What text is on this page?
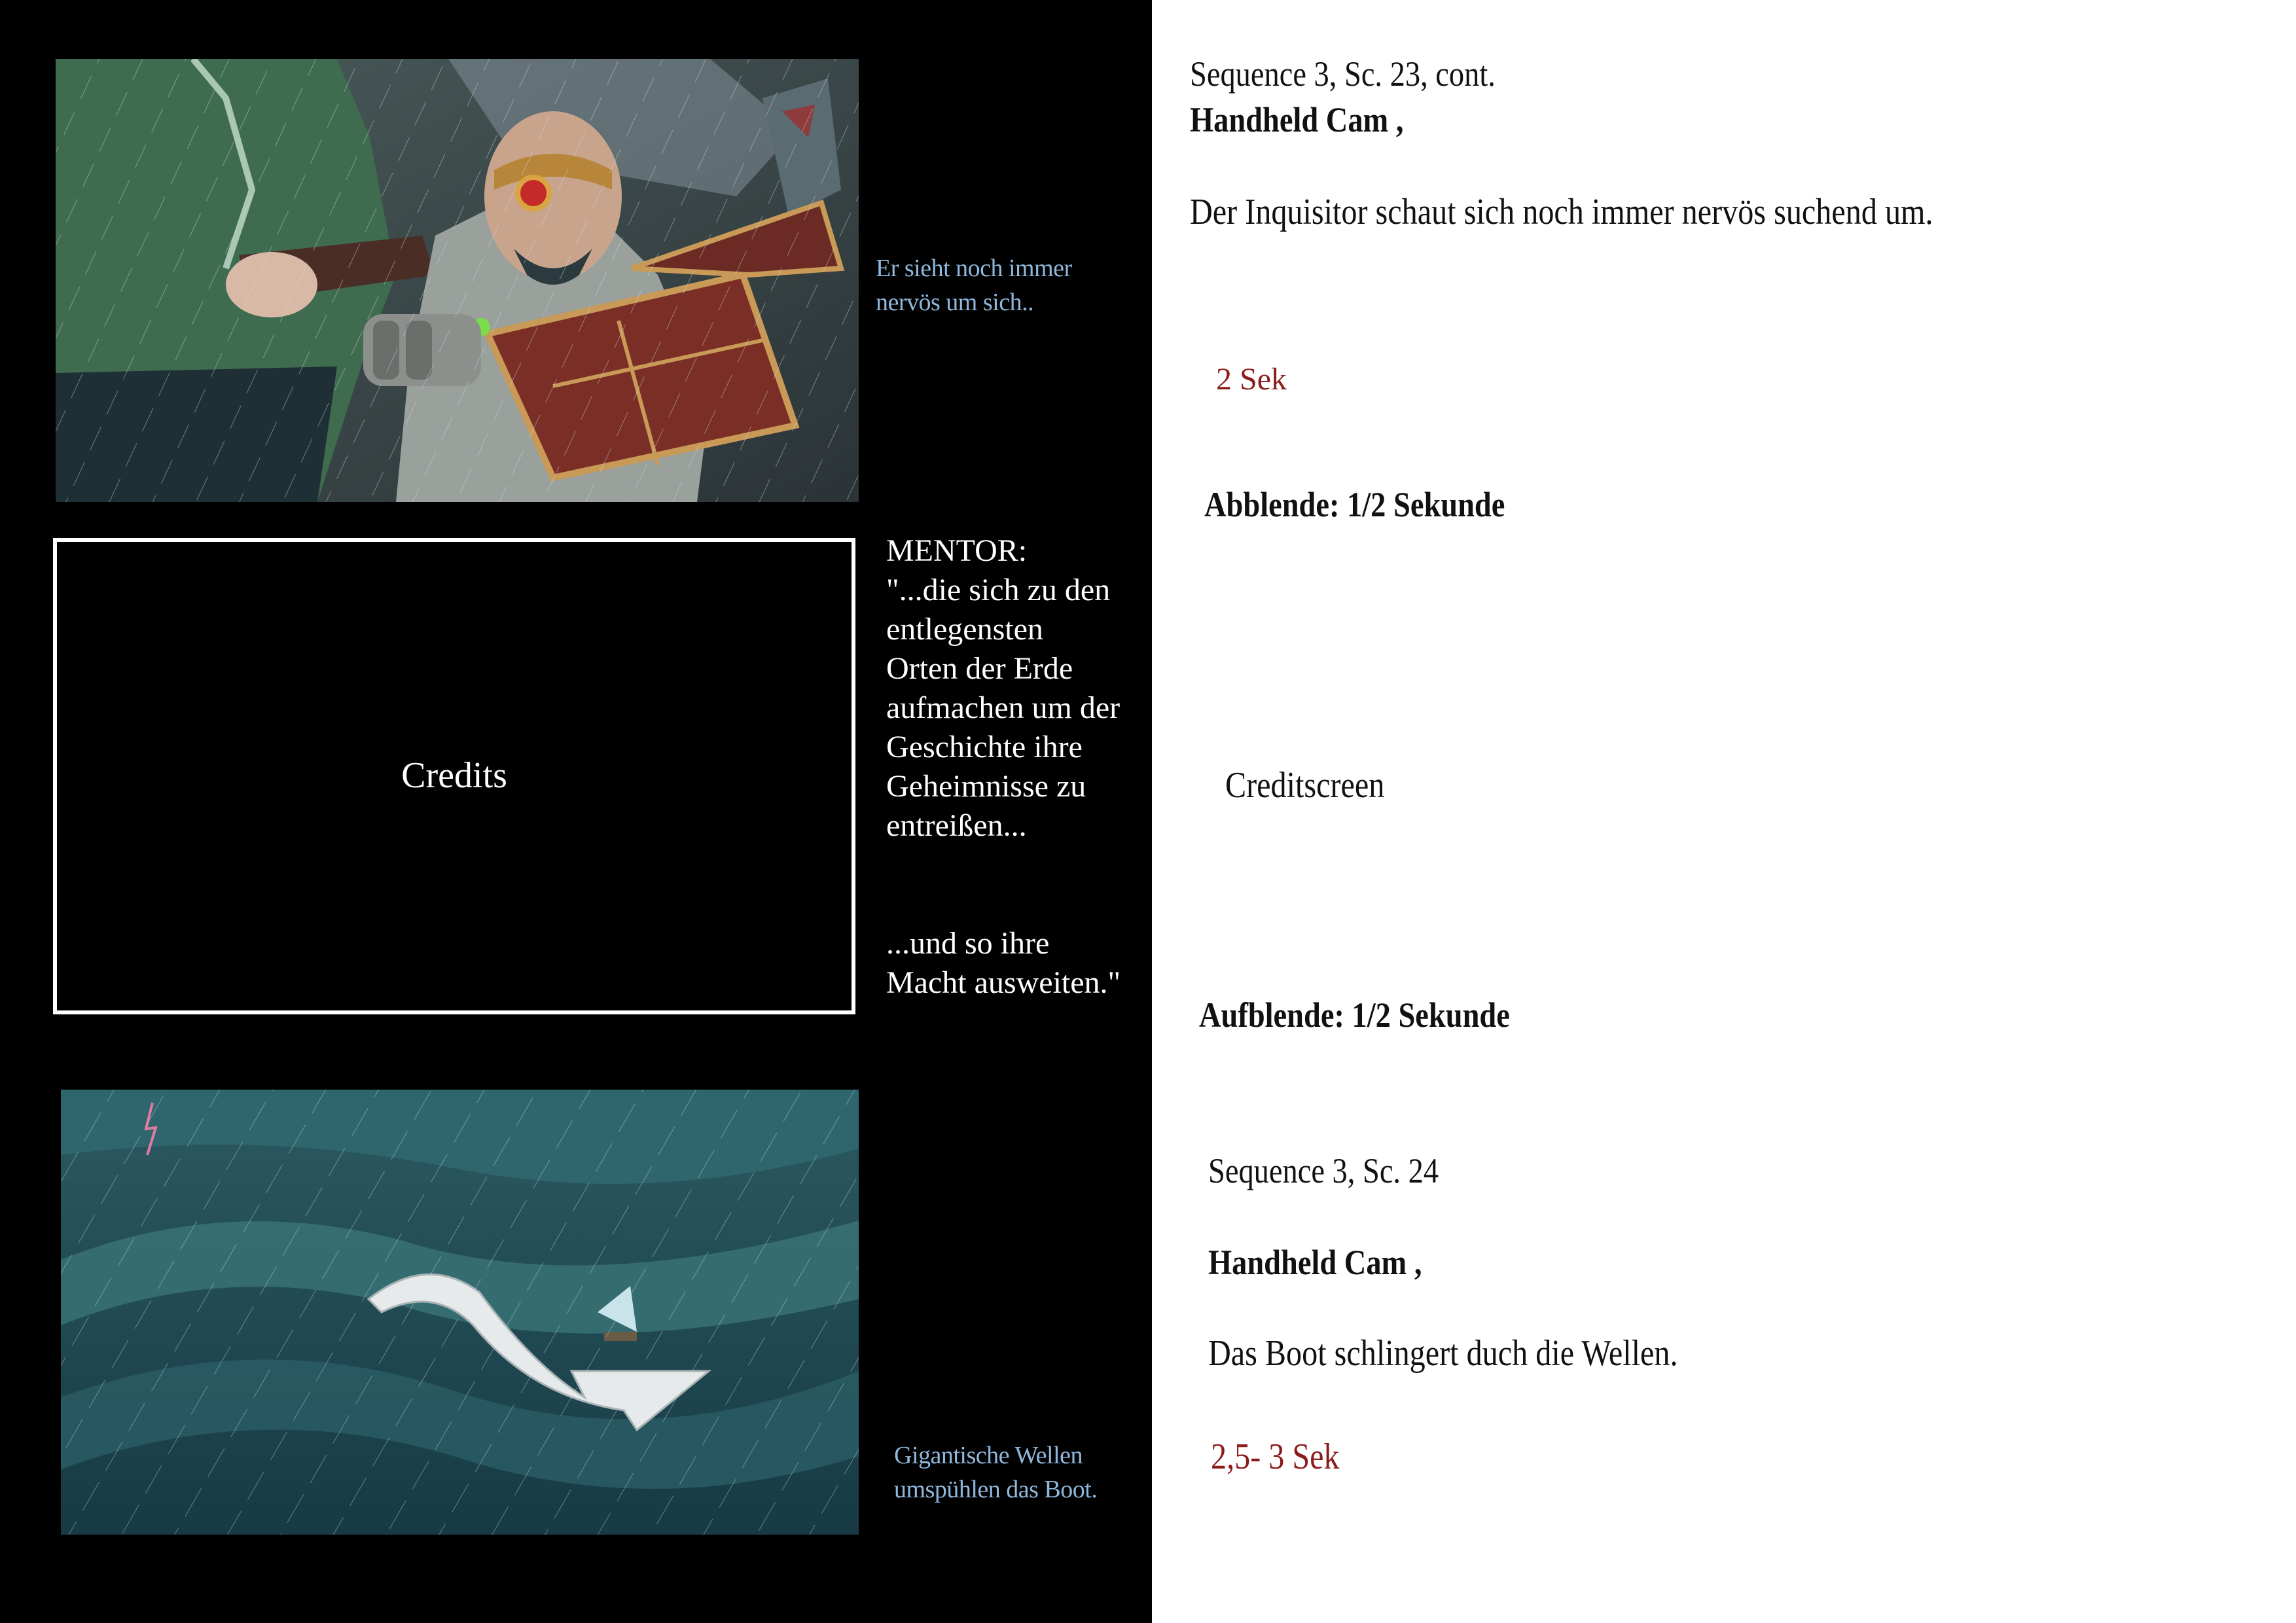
Er sieht noch immer
nervös um sich..
Credits
MENTOR:
"...die sich zu den
entlegensten
Orten der Erde
aufmachen um der
Geschichte ihre
Geheimnisse zu
entreißen...

...und so ihre
Macht ausweiten."
Gigantische Wellen
umspühlen das Boot.
Sequence 3, Sc. 23, cont.
Handheld Cam ,
Der Inquisitor schaut sich noch immer nervös suchend um.
2 Sek
Abblende: 1/2 Sekunde
Creditscreen
Aufblende: 1/2 Sekunde
Sequence 3, Sc. 24
Handheld Cam ,
Das Boot schlingert duch die Wellen.
2,5- 3 Sek
